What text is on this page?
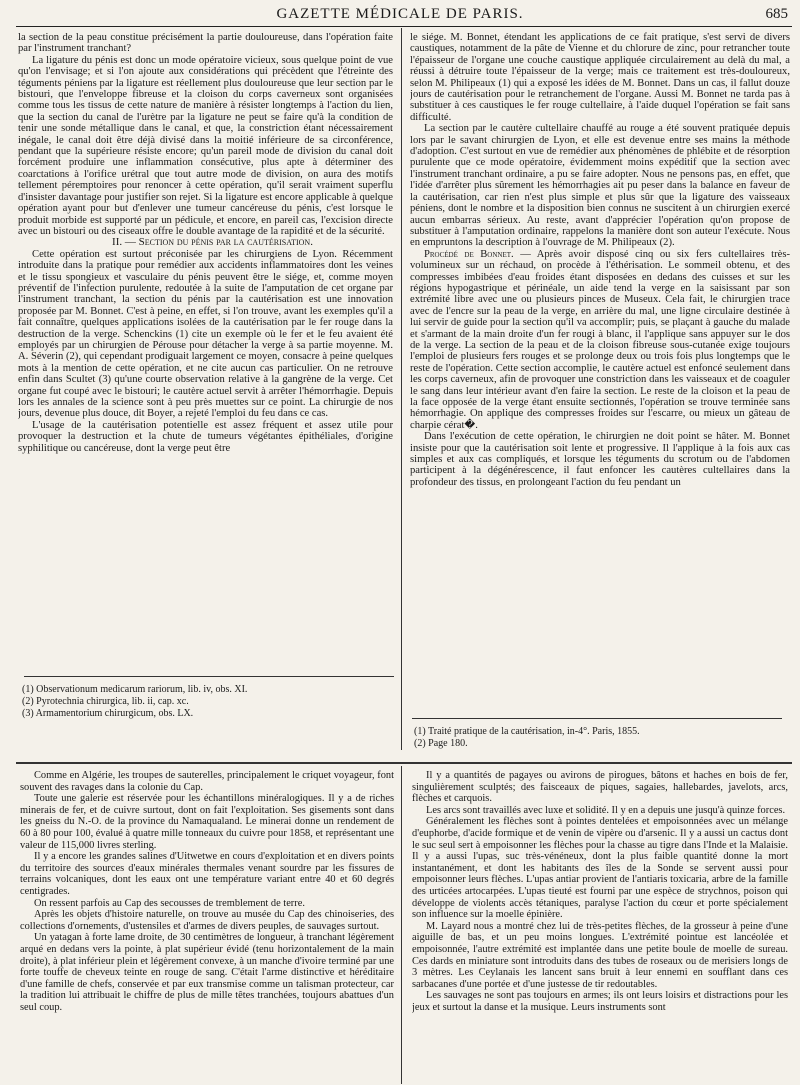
GAZETTE MÉDICALE DE PARIS.	685

la section de la peau constitue précisément la partie douloureuse, dans l'opération faite par l'instrument tranchant?

La ligature du pénis est donc un mode opératoire vicieux, sous quelque point de vue qu'on l'envisage; et si l'on ajoute aux considérations qui précèdent que l'étreinte des téguments péniens par la ligature est réellement plus douloureuse que leur section par le bistouri, que l'enveloppe fibreuse et la cloison du corps caverneux sont organisées comme tous les tissus de cette nature de manière à résister longtemps à l'action du lien, que la section du canal de l'urètre par la ligature ne peut se faire qu'à la condition de tenir une sonde métallique dans le canal, et que, la constriction étant nécessairement inégale, le canal doit être déjà divisé dans la moitié inférieure de sa circonférence, pendant que la supérieure résiste encore; qu'un pareil mode de division du canal doit forcément produire une inflammation consécutive, plus apte à déterminer des coarctations à l'orifice urétral que tout autre mode de division, on aura des motifs tellement péremptoires pour renoncer à cette opération, qu'il serait vraiment superflu d'insister davantage pour justifier son rejet. Si la ligature est encore applicable à quelque opération ayant pour but d'enlever une tumeur cancéreuse du pénis, c'est lorsque le produit morbide est supporté par un pédicule, et encore, en pareil cas, l'excision directe avec un bistouri ou des ciseaux offre le double avantage de la rapidité et de la sécurité.

II. — Section du pénis par la cautérisation.

Cette opération est surtout préconisée par les chirurgiens de Lyon. Récemment introduite dans la pratique pour remédier aux accidents inflammatoires dont les veines et le tissu spongieux et vasculaire du pénis peuvent être le siége, et, comme moyen préventif de l'infection purulente, redoutée à la suite de l'amputation de cet organe par l'instrument tranchant, la section du pénis par la cautérisation est une innovation proposée par M. Bonnet. C'est à peine, en effet, si l'on trouve, avant les exemples qu'il a fait connaître, quelques applications isolées de la cautérisation par le fer rouge dans la destruction de la verge. Schenckins (1) cite un exemple où le fer et le feu avaient été employés par un chirurgien de Pérouse pour détacher la verge à sa partie moyenne. M. A. Séverin (2), qui cependant prodiguait largement ce moyen, consacre à peine quelques mots à la mention de cette opération, et ne cite aucun cas particulier. On ne retrouve enfin dans Scultet (3) qu'une courte observation relative à la gangrène de la verge. Cet organe fut coupé avec le bistouri; le cautère actuel servit à arrêter l'hémorrhagie. Depuis lors les annales de la science sont à peu près muettes sur ce point. La chirurgie de nos jours, devenue plus douce, dit Boyer, a rejeté l'emploi du feu dans ce cas.

L'usage de la cautérisation potentielle est assez fréquent et assez utile pour provoquer la destruction et la chute de tumeurs végétantes épithéliales, d'origine syphilitique ou cancéreuse, dont la verge peut être

(1) Observationum medicarum rariorum, lib. iv, obs. XI.
(2) Pyrotechnia chirurgica, lib. ii, cap. xc.
(3) Armamentorium chirurgicum, obs. LX.

le siége. M. Bonnet, étendant les applications de ce fait pratique, s'est servi de divers caustiques, notamment de la pâte de Vienne et du chlorure de zinc, pour retrancher toute l'épaisseur de l'organe une couche caustique appliquée circulairement au delà du mal, a réussi à détruire toute l'épaisseur de la verge; mais ce traitement est très-douloureux, selon M. Philipeaux (1) qui a exposé les idées de M. Bonnet. Dans un cas, il fallut douze jours de cautérisation pour le retranchement de l'organe. Aussi M. Bonnet ne tarda pas à substituer à ces caustiques le fer rouge cultellaire, à l'aide duquel l'opération se fait sans difficulté.

La section par le cautère cultellaire chauffé au rouge a été souvent pratiquée depuis lors par le savant chirurgien de Lyon, et elle est devenue entre ses mains la méthode d'adoption. C'est surtout en vue de remédier aux phénomènes de phlébite et de résorption purulente que ce mode opératoire, évidemment moins expéditif que la section avec l'instrument tranchant ordinaire, a pu se faire adopter. Nous ne pensons pas, en effet, que l'idée d'arrêter plus sûrement les hémorrhagies ait pu peser dans la balance en faveur de la cautérisation, car rien n'est plus simple et plus sûr que la ligature des vaisseaux péniens, dont le nombre et la disposition bien connus ne suscitent à un chirurgien exercé aucun embarras sérieux. Au reste, avant d'apprécier l'opération qu'on propose de substituer à l'amputation ordinaire, rappelons la manière dont son auteur l'exécute. Nous en empruntons la description à l'ouvrage de M. Philipeaux (2).

Procédé de Bonnet. — Après avoir disposé cinq ou six fers cultellaires très-volumineux sur un réchaud, on procède à l'éthérisation. Le sommeil obtenu, et des compresses imbibées d'eau froides étant disposées en dedans des cuisses et sur les régions hypogastrique et périnéale, un aide tend la verge en la saisissant par son extrémité libre avec une ou plusieurs pinces de Museux. Cela fait, le chirurgien trace avec de l'encre sur la peau de la verge, en arrière du mal, une ligne circulaire destinée à lui servir de guide pour la section qu'il va accomplir; puis, se plaçant à gauche du malade et s'armant de la main droite d'un fer rougi à blanc, il l'applique sans appuyer sur le dos de la verge. La section de la peau et de la cloison fibreuse sous-cutanée exige toujours l'emploi de plusieurs fers rouges et se prolonge deux ou trois fois plus longtemps que le reste de l'opération. Cette section accomplie, le cautère actuel est enfoncé seulement dans les corps caverneux, afin de provoquer une constriction dans les vaisseaux et de coaguler le sang dans leur intérieur avant d'en faire la section. Le reste de la cloison et la peau de la face opposée de la verge étant ensuite sectionnés, l'opération se trouve terminée sans hémorrhagie. On applique des compresses froides sur l'escarre, ou mieux un gâteau de charpie cérat�.

Dans l'exécution de cette opération, le chirurgien ne doit point se hâter. M. Bonnet insiste pour que la cautérisation soit lente et progressive. Il l'applique à la fois aux cas simples et aux cas compliqués, et lorsque les téguments du scrotum ou de l'abdomen participent à la dégénérescence, il faut enfoncer les cautères cultellaires dans la profondeur des tissus, en prolongeant l'action du feu pendant un

(1) Traité pratique de la cautérisation, in-4°. Paris, 1855.
(2) Page 180.

Comme en Algérie, les troupes de sauterelles, principalement le criquet voyageur, font souvent des ravages dans la colonie du Cap.

Toute une galerie est réservée pour les échantillons minéralogiques. Il y a de riches minerais de fer, et de cuivre surtout, dont on fait l'exploitation. Ses gisements sont dans les gneiss du N.-O. de la province du Namaqualand. Le minerai donne un rendement de 60 à 80 pour 100, évalué à quatre mille tonneaux du cuivre pour 1858, et représentant une valeur de 115,000 livres sterling.

Il y a encore les grandes salines d'Uitwetwe en cours d'exploitation et en divers points du territoire des sources d'eaux minérales thermales venant sourdre par les fissures de terrains volcaniques, dont les eaux ont une température variant entre 40 et 60 degrés centigrades.

On ressent parfois au Cap des secousses de tremblement de terre.

Après les objets d'histoire naturelle, on trouve au musée du Cap des chinoiseries, des collections d'ornements, d'ustensiles et d'armes de divers peuples, de sauvages surtout.

Un yatagan à forte lame droite, de 30 centimètres de longueur, à tranchant légèrement arqué en dedans vers la pointe, à plat supérieur évidé (tenu horizontalement de la main droite), à plat inférieur plein et légèrement convexe, à un manche d'ivoire terminé par une forte touffe de cheveux teinte en rouge de sang. C'était l'arme distinctive et héréditaire d'une famille de chefs, conservée et par eux transmise comme un talisman protecteur, car la tradition lui attribuait le chiffre de plus de mille têtes tranchées, toujours abattues d'un seul coup.

Il y a quantités de pagayes ou avirons de pirogues, bâtons et haches en bois de fer, singulièrement sculptés; des faisceaux de piques, sagaies, hallebardes, javelots, arcs, flèches et carquois.

Les arcs sont travaillés avec luxe et solidité. Il y en a depuis une jusqu'à quinze forces.

Généralement les flèches sont à pointes dentelées et empoisonnées avec un mélange d'euphorbe, d'acide formique et de venin de vipère ou d'arsenic. Il y a aussi un cactus dont le suc seul sert à empoisonner les flèches pour la chasse au tigre dans l'Inde et la Malaisie. Il y a aussi l'upas, suc très-vénéneux, dont la plus faible quantité donne la mort instantanément, et dont les habitants des îles de la Sonde se servent aussi pour empoisonner leurs flèches. L'upas antiar provient de l'antiaris toxicaria, arbre de la famille des urticées artocarpées. L'upas tieuté est fourni par une espèce de strychnos, poison qui développe de violents accès tétaniques, paralyse l'action du cœur et porte spécialement son influence sur la moelle épinière.

M. Layard nous a montré chez lui de très-petites flèches, de la grosseur à peine d'une aiguille de bas, et un peu moins longues. L'extrémité pointue est lancéolée et empoisonnée, l'autre extrémité est implantée dans une petite boule de moelle de sureau. Ces dards en miniature sont introduits dans des tubes de roseaux ou de merisiers longs de 3 mètres. Les Ceylanais les lancent sans bruit à leur ennemi en soufflant dans ces sarbacanes d'une portée et d'une justesse de tir redoutables.

Les sauvages ne sont pas toujours en armes; ils ont leurs loisirs et distractions pour les jeux et surtout la danse et la musique. Leurs instruments sont
